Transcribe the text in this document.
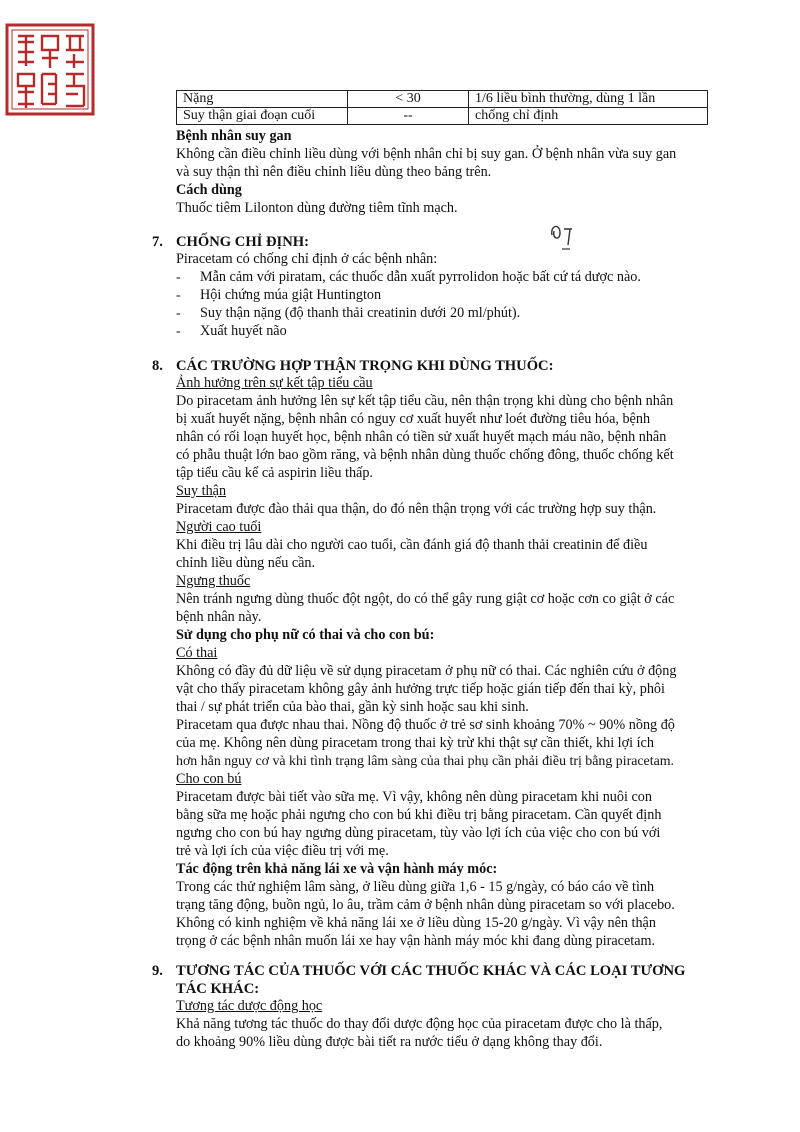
Nặng	< 30	1/6 liều bình thường, dùng 1 lần
Suy thận giai đoạn cuối	--	chống chỉ định
Bệnh nhân suy gan
Không cần điều chỉnh liều dùng với bệnh nhân chỉ bị suy gan. Ở bệnh nhân vừa suy gan
và suy thận thì nên điều chỉnh liều dùng theo bảng trên.
Cách dùng
Thuốc tiêm Lilonton dùng đường tiêm tĩnh mạch.
7. CHỐNG CHỈ ĐỊNH:
Piracetam có chống chỉ định ở các bệnh nhân:
- Mẫn cảm với piratam, các thuốc dẫn xuất pyrrolidon hoặc bất cứ tá dược nào.
- Hội chứng múa giật Huntington
- Suy thận nặng (độ thanh thải creatinin dưới 20 ml/phút).
- Xuất huyết não
8. CÁC TRƯỜNG HỢP THẬN TRỌNG KHI DÙNG THUỐC:
Ảnh hưởng trên sự kết tập tiểu cầu
Do piracetam ảnh hưởng lên sự kết tập tiểu cầu, nên thận trọng khi dùng cho bệnh nhân
bị xuất huyết nặng, bệnh nhân có nguy cơ xuất huyết như loét đường tiêu hóa, bệnh
nhân có rối loạn huyết học, bệnh nhân có tiền sử xuất huyết mạch máu não, bệnh nhân
có phẫu thuật lớn bao gồm răng, và bệnh nhân dùng thuốc chống đông, thuốc chống kết
tập tiểu cầu kể cả aspirin liều thấp.
Suy thận
Piracetam được đào thải qua thận, do đó nên thận trọng với các trường hợp suy thận.
Người cao tuổi
Khi điều trị lâu dài cho người cao tuổi, cần đánh giá độ thanh thải creatinin để điều
chỉnh liều dùng nếu cần.
Ngưng thuốc
Nên tránh ngưng dùng thuốc đột ngột, do có thể gây rung giật cơ hoặc cơn co giật ở các
bệnh nhân này.
Sử dụng cho phụ nữ có thai và cho con bú:
Có thai
Không có đầy đủ dữ liệu về sử dụng piracetam ở phụ nữ có thai. Các nghiên cứu ở động
vật cho thấy piracetam không gây ảnh hưởng trực tiếp hoặc gián tiếp đến thai kỳ, phôi
thai / sự phát triển của bào thai, gần kỳ sinh hoặc sau khi sinh.
Piracetam qua được nhau thai. Nồng độ thuốc ở trẻ sơ sinh khoảng 70% ~ 90% nồng độ
của mẹ. Không nên dùng piracetam trong thai kỳ trừ khi thật sự cần thiết, khi lợi ích
hơn hẳn nguy cơ và khi tình trạng lâm sàng của thai phụ cần phải điều trị bằng piracetam.
Cho con bú
Piracetam được bài tiết vào sữa mẹ. Vì vậy, không nên dùng piracetam khi nuôi con
bằng sữa mẹ hoặc phải ngưng cho con bú khi điều trị bằng piracetam. Cần quyết định
ngưng cho con bú hay ngưng dùng piracetam, tùy vào lợi ích của việc cho con bú với
trẻ và lợi ích của việc điều trị với mẹ.
Tác động trên khả năng lái xe và vận hành máy móc:
Trong các thử nghiệm lâm sàng, ở liều dùng giữa 1,6 - 15 g/ngày, có báo cáo về tình
trạng tăng động, buồn ngủ, lo âu, trầm cảm ở bệnh nhân dùng piracetam so với placebo.
Không có kinh nghiệm về khả năng lái xe ở liều dùng 15-20 g/ngày. Vì vậy nên thận
trọng ở các bệnh nhân muốn lái xe hay vận hành máy móc khi đang dùng piracetam.
9. TƯƠNG TÁC CỦA THUỐC VỚI CÁC THUỐC KHÁC VÀ CÁC LOẠI TƯƠNG
TÁC KHÁC:
Tương tác dược động học
Khả năng tương tác thuốc do thay đổi dược động học của piracetam được cho là thấp,
do khoảng 90% liều dùng được bài tiết ra nước tiểu ở dạng không thay đổi.
